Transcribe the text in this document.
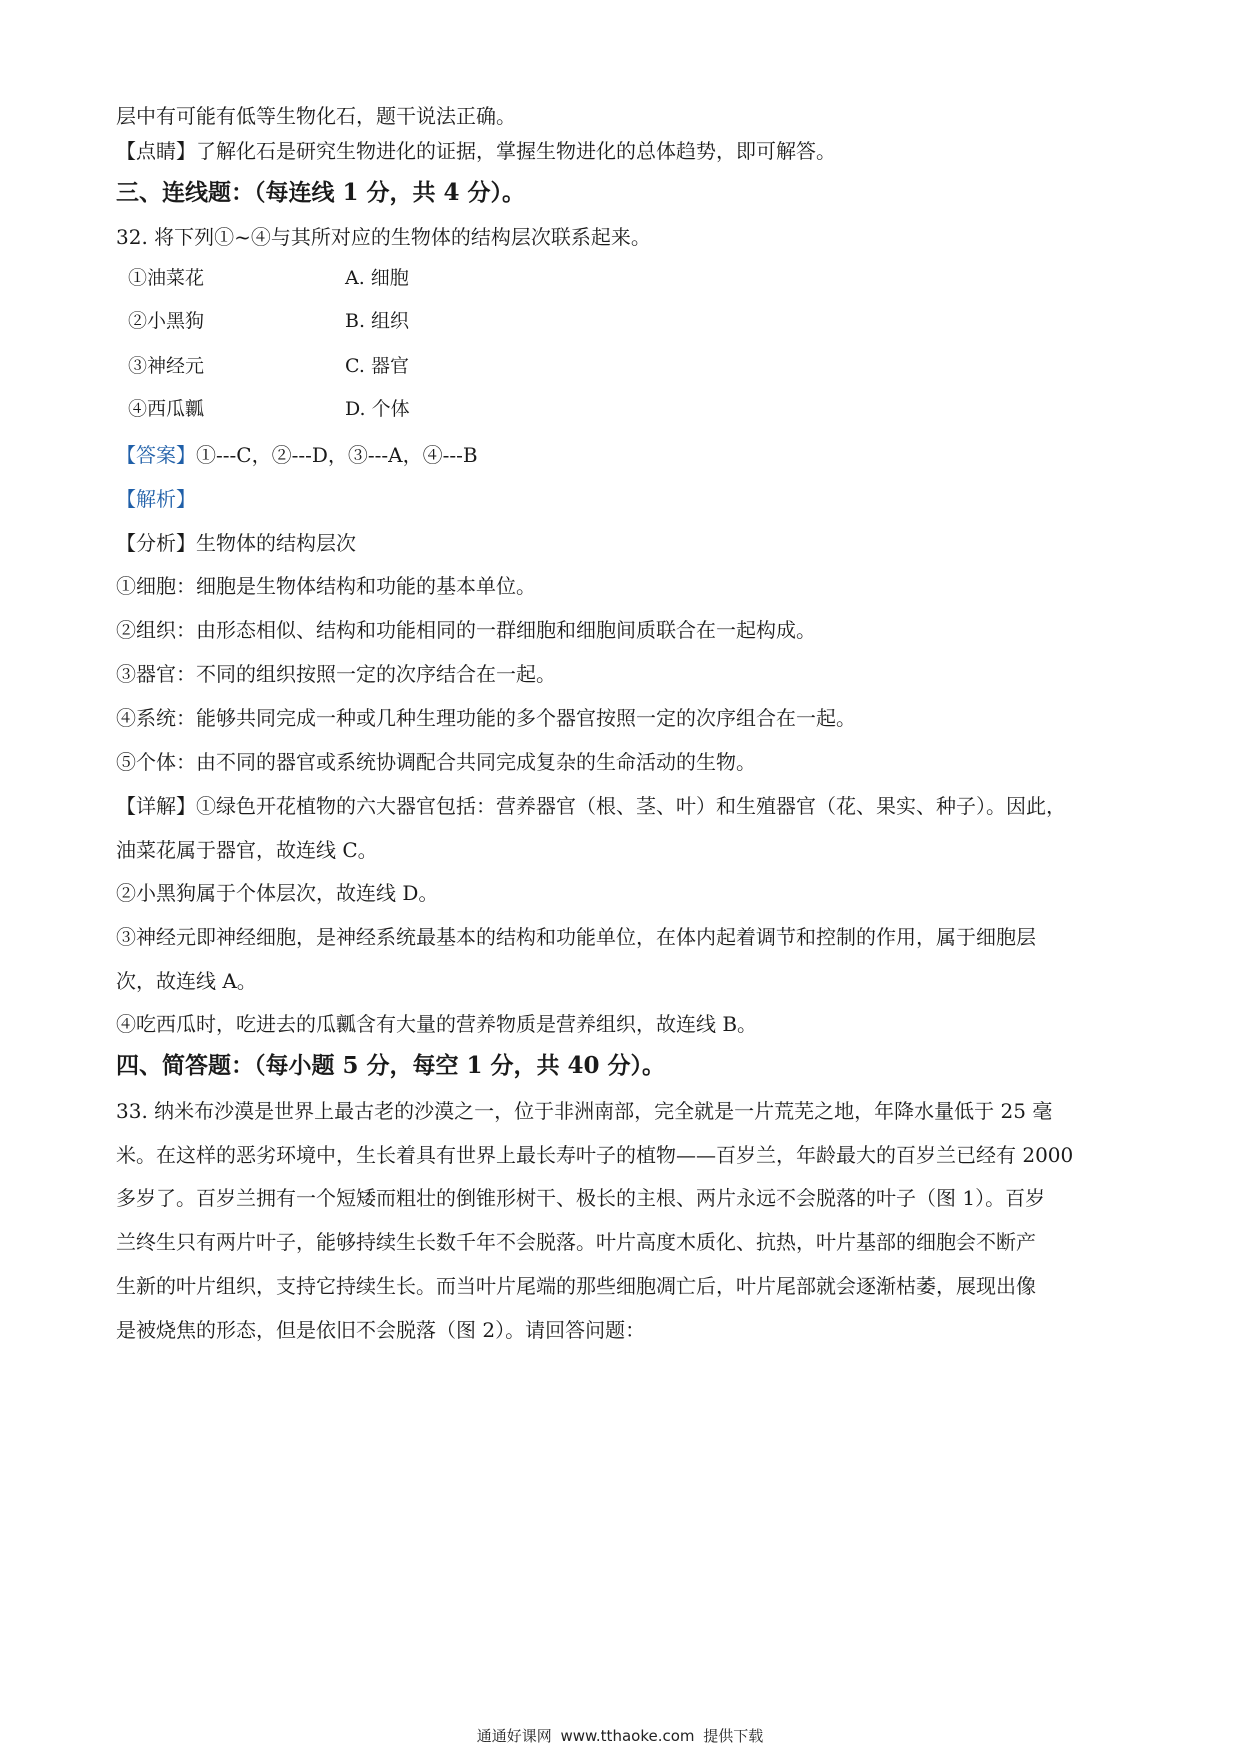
层中有可能有低等生物化石，题干说法正确。
【点睛】了解化石是研究生物进化的证据，掌握生物进化的总体趋势，即可解答。
三、连线题：（每连线 1 分，共 4 分）。
32. 将下列①~④与其所对应的生物体的结构层次联系起来。
①油菜花	A. 细胞
②小黑狗	B. 组织
③神经元	C. 器官
④西瓜瓤	D. 个体
【答案】①---C，②---D，③---A，④---B
【解析】
【分析】生物体的结构层次
①细胞：细胞是生物体结构和功能的基本单位。
②组织：由形态相似、结构和功能相同的一群细胞和细胞间质联合在一起构成。
③器官：不同的组织按照一定的次序结合在一起。
④系统：能够共同完成一种或几种生理功能的多个器官按照一定的次序组合在一起。
⑤个体：由不同的器官或系统协调配合共同完成复杂的生命活动的生物。
【详解】①绿色开花植物的六大器官包括：营养器官（根、茎、叶）和生殖器官（花、果实、种子）。因此，
油菜花属于器官，故连线 C。
②小黑狗属于个体层次，故连线 D。
③神经元即神经细胞，是神经系统最基本的结构和功能单位，在体内起着调节和控制的作用，属于细胞层
次，故连线 A。
④吃西瓜时，吃进去的瓜瓤含有大量的营养物质是营养组织，故连线 B。
四、简答题：（每小题 5 分，每空 1 分，共 40 分）。
33. 纳米布沙漠是世界上最古老的沙漠之一，位于非洲南部，完全就是一片荒芜之地，年降水量低于 25 毫
米。在这样的恶劣环境中，生长着具有世界上最长寿叶子的植物——百岁兰，年龄最大的百岁兰已经有 2000
多岁了。百岁兰拥有一个短矮而粗壮的倒锥形树干、极长的主根、两片永远不会脱落的叶子（图 1）。百岁
兰终生只有两片叶子，能够持续生长数千年不会脱落。叶片高度木质化、抗热，叶片基部的细胞会不断产
生新的叶片组织，支持它持续生长。而当叶片尾端的那些细胞凋亡后，叶片尾部就会逐渐枯萎，展现出像
是被烧焦的形态，但是依旧不会脱落（图 2）。请回答问题：
通通好课网 www.tthaoke.com 提供下载
